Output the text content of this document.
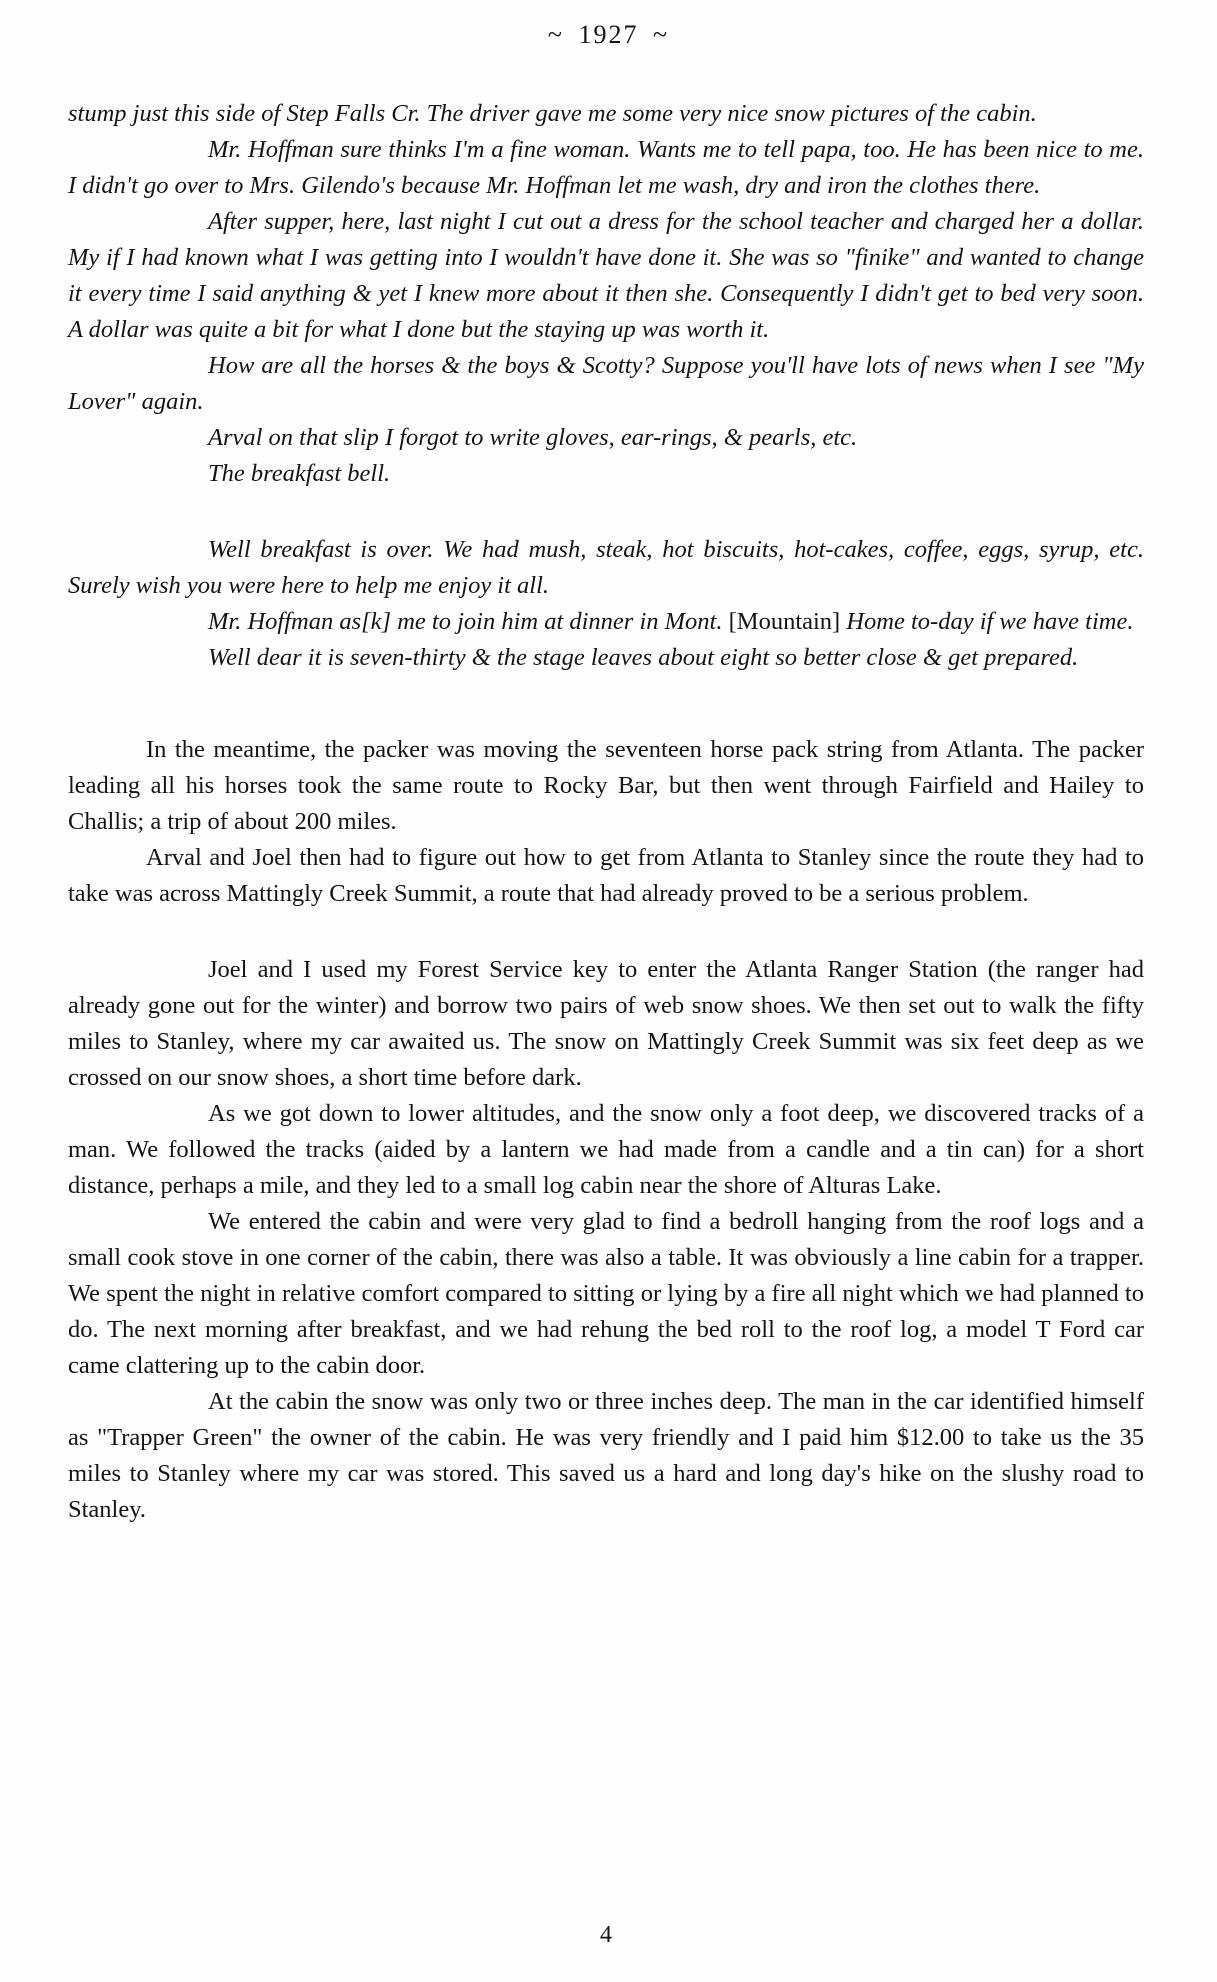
~ 1927 ~

stump just this side of Step Falls Cr. The driver gave me some very nice snow pictures of the cabin.

Mr. Hoffman sure thinks I'm a fine woman. Wants me to tell papa, too. He has been nice to me. I didn't go over to Mrs. Gilendo's because Mr. Hoffman let me wash, dry and iron the clothes there.

After supper, here, last night I cut out a dress for the school teacher and charged her a dollar. My if I had known what I was getting into I wouldn't have done it. She was so "finike" and wanted to change it every time I said anything & yet I knew more about it then she. Consequently I didn't get to bed very soon. A dollar was quite a bit for what I done but the staying up was worth it.

How are all the horses & the boys & Scotty? Suppose you'll have lots of news when I see "My Lover" again.

Arval on that slip I forgot to write gloves, ear-rings, & pearls, etc.

The breakfast bell.

Well breakfast is over. We had mush, steak, hot biscuits, hot-cakes, coffee, eggs, syrup, etc. Surely wish you were here to help me enjoy it all.

Mr. Hoffman as[k] me to join him at dinner in Mont. [Mountain] Home to-day if we have time.

Well dear it is seven-thirty & the stage leaves about eight so better close & get prepared.

In the meantime, the packer was moving the seventeen horse pack string from Atlanta. The packer leading all his horses took the same route to Rocky Bar, but then went through Fairfield and Hailey to Challis; a trip of about 200 miles.

Arval and Joel then had to figure out how to get from Atlanta to Stanley since the route they had to take was across Mattingly Creek Summit, a route that had already proved to be a serious problem.

Joel and I used my Forest Service key to enter the Atlanta Ranger Station (the ranger had already gone out for the winter) and borrow two pairs of web snow shoes. We then set out to walk the fifty miles to Stanley, where my car awaited us. The snow on Mattingly Creek Summit was six feet deep as we crossed on our snow shoes, a short time before dark.

As we got down to lower altitudes, and the snow only a foot deep, we discovered tracks of a man. We followed the tracks (aided by a lantern we had made from a candle and a tin can) for a short distance, perhaps a mile, and they led to a small log cabin near the shore of Alturas Lake.

We entered the cabin and were very glad to find a bedroll hanging from the roof logs and a small cook stove in one corner of the cabin, there was also a table. It was obviously a line cabin for a trapper. We spent the night in relative comfort compared to sitting or lying by a fire all night which we had planned to do. The next morning after breakfast, and we had rehung the bed roll to the roof log, a model T Ford car came clattering up to the cabin door.

At the cabin the snow was only two or three inches deep. The man in the car identified himself as "Trapper Green" the owner of the cabin. He was very friendly and I paid him $12.00 to take us the 35 miles to Stanley where my car was stored. This saved us a hard and long day's hike on the slushy road to Stanley.

4
